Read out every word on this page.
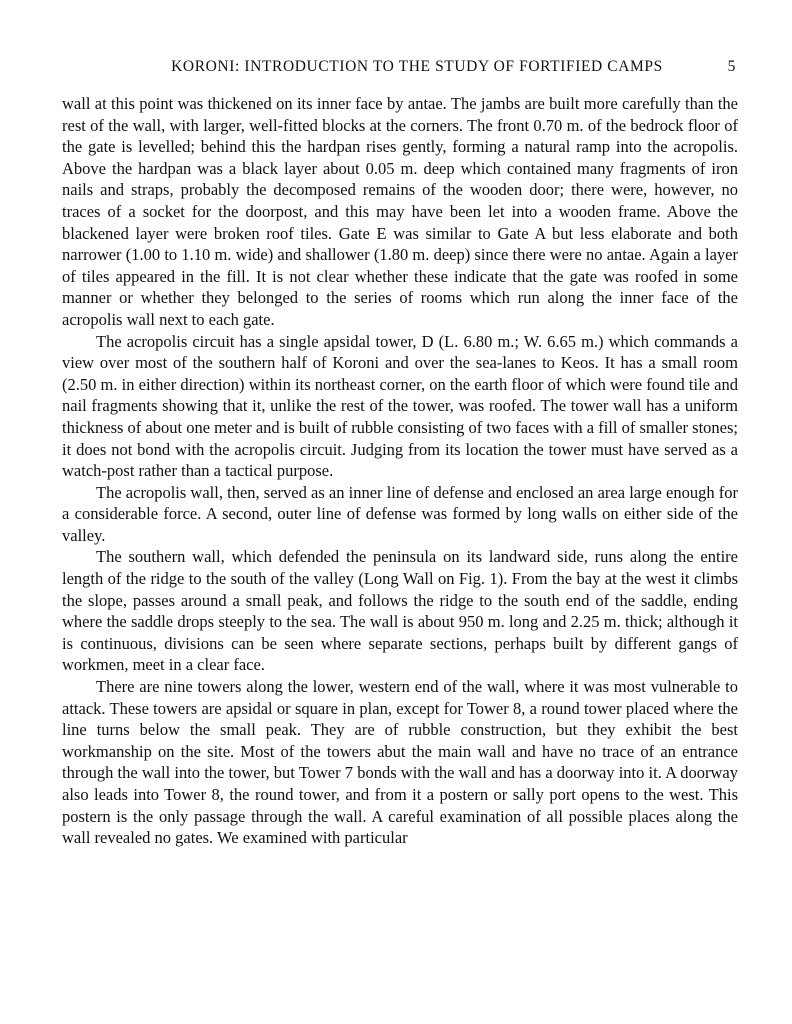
KORONI: INTRODUCTION TO THE STUDY OF FORTIFIED CAMPS	5

wall at this point was thickened on its inner face by antae. The jambs are built more carefully than the rest of the wall, with larger, well-fitted blocks at the corners. The front 0.70 m. of the bedrock floor of the gate is levelled; behind this the hardpan rises gently, forming a natural ramp into the acropolis. Above the hardpan was a black layer about 0.05 m. deep which contained many fragments of iron nails and straps, probably the decomposed remains of the wooden door; there were, however, no traces of a socket for the doorpost, and this may have been let into a wooden frame. Above the blackened layer were broken roof tiles. Gate E was similar to Gate A but less elaborate and both narrower (1.00 to 1.10 m. wide) and shallower (1.80 m. deep) since there were no antae. Again a layer of tiles appeared in the fill. It is not clear whether these indicate that the gate was roofed in some manner or whether they belonged to the series of rooms which run along the inner face of the acropolis wall next to each gate.

The acropolis circuit has a single apsidal tower, D (L. 6.80 m.; W. 6.65 m.) which commands a view over most of the southern half of Koroni and over the sea-lanes to Keos. It has a small room (2.50 m. in either direction) within its northeast corner, on the earth floor of which were found tile and nail fragments showing that it, unlike the rest of the tower, was roofed. The tower wall has a uniform thickness of about one meter and is built of rubble consisting of two faces with a fill of smaller stones; it does not bond with the acropolis circuit. Judging from its location the tower must have served as a watch-post rather than a tactical purpose.

The acropolis wall, then, served as an inner line of defense and enclosed an area large enough for a considerable force. A second, outer line of defense was formed by long walls on either side of the valley.

The southern wall, which defended the peninsula on its landward side, runs along the entire length of the ridge to the south of the valley (Long Wall on Fig. 1). From the bay at the west it climbs the slope, passes around a small peak, and follows the ridge to the south end of the saddle, ending where the saddle drops steeply to the sea. The wall is about 950 m. long and 2.25 m. thick; although it is continuous, divisions can be seen where separate sections, perhaps built by different gangs of workmen, meet in a clear face.

There are nine towers along the lower, western end of the wall, where it was most vulnerable to attack. These towers are apsidal or square in plan, except for Tower 8, a round tower placed where the line turns below the small peak. They are of rubble construction, but they exhibit the best workmanship on the site. Most of the towers abut the main wall and have no trace of an entrance through the wall into the tower, but Tower 7 bonds with the wall and has a doorway into it. A doorway also leads into Tower 8, the round tower, and from it a postern or sally port opens to the west. This postern is the only passage through the wall. A careful examination of all possible places along the wall revealed no gates. We examined with particular
